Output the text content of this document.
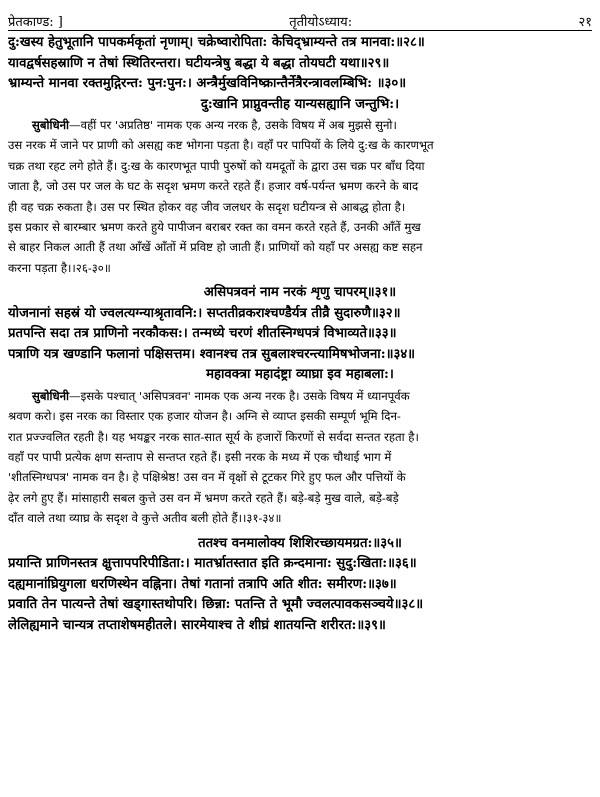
प्रेतकाण्ड: ]	तृतीयोऽध्याय:	२१
दु:खस्य हेतुभूतानि पापकर्मकृतां नृणाम्। चक्रेष्वारोपिता: केचिद्भ्राम्यन्ते तत्र मानवा:॥२८॥
यावद्वर्षसहस्राणि न तेषां स्थितिरन्तरा। घटीयन्त्रेषु बद्धा ये बद्धा तोयघटी यथा॥२९॥
भ्राम्यन्ते मानवा रक्तमुद्गिरन्त: पुन:पुन:। अन्त्रैर्मुखविनिष्क्रान्तैर्नेत्रैरन्त्रावलम्बिभि: ॥३०॥
दु:खानि प्राप्नुवन्तीह यान्यसह्यानि जन्तुभि:।

सुबोधिनी—वहीं पर 'अप्रतिष्ठ' नामक एक अन्य नरक है, उसके विषय में अब मुझसे सुनो।

उस नरक में जाने पर प्राणी को असह्य कष्ट भोगना पड़ता है। वहाँ पर पापियों के लिये दु:ख के कारणभूत

चक्र तथा रहट लगे होते हैं। दु:ख के कारणभूत पापी पुरुषों को यमदूतों के द्वारा उस चक्र पर बाँध दिया

जाता है, जो उस पर जल के घट के सदृश भ्रमण करते रहते हैं। हजार वर्ष-पर्यन्त भ्रमण करने के बाद

ही वह चक्र रुकता है। उस पर स्थित होकर वह जीव जलधर के सदृश घटीयन्त्र से आबद्ध होता है।

इस प्रकार से बारम्बार भ्रमण करते हुये पापीजन बराबर रक्त का वमन करते रहते हैं, उनकी आँतें मुख

से बाहर निकल आती हैं तथा आँखें आँतों में प्रविष्ट हो जाती हैं। प्राणियों को यहाँ पर असह्य कष्ट सहन

करना पड़ता है।।२६-३०॥

असिपत्रवनं नाम नरकं शृणु चापरम्॥३१॥
योजनानां सहस्रं यो ज्वलत्यग्न्याश्रृतावनि:। सप्ततीव्रकराश्चण्डैर्यत्र तीव्रै सुदारुणै॥३२॥
प्रतपन्ति सदा तत्र प्राणिनो नरकौकस:। तन्मध्ये चरणं शीतस्निग्धपत्रं विभाव्यते॥३३॥
पत्राणि यत्र खण्डानि फलानां पक्षिसत्तम। श्वानश्च तत्र सुबलाश्चरन्त्यामिषभोजना:॥३४॥
महावक्त्रा महादंष्ट्रा व्याघ्रा इव महाबला:।

सुबोधिनी—इसके पश्चात् 'असिपत्रवन' नामक एक अन्य नरक है। उसके विषय में ध्यानपूर्वक

श्रवण करो। इस नरक का विस्तार एक हजार योजन है। अग्नि से व्याप्त इसकी सम्पूर्ण भूमि दिन-

रात प्रज्ज्वलित रहती है। यह भयङ्कर नरक सात-सात सूर्य के हजारों किरणों से सर्वदा सन्तत रहता है।

वहाँ पर पापी प्रत्येक क्षण सन्ताप से सन्तप्त रहते हैं। इसी नरक के मध्य में एक चौथाई भाग में

'शीतस्निग्धपत्र' नामक वन है। हे पक्षिश्रेष्ठ! उस वन में वृक्षों से टूटकर गिरे हुए फल और पत्तियों के

ढ़ेर लगे हुए हैं। मांसाहारी सबल कुत्ते उस वन में भ्रमण करते रहते हैं। बड़े-बड़े मुख वाले, बड़े-बड़े

दाँत वाले तथा व्याघ्र के सदृश वे कुत्ते अतीव बली होते हैं।।३१-३४॥

ततश्च वनमालोक्य शिशिरच्छायमग्रत:॥३५॥
प्रयान्ति प्राणिनस्तत्र क्षुत्तापपरिपीडिता:। मातर्भ्रातस्तात इति क्रन्दमाना: सुदु:खिता:॥३६॥
दह्यमानांघ्रियुगला धरणिस्थेन वह्निना। तेषां गतानां तत्रापि अति शीत: समीरण:॥३७॥
प्रवाति तेन पात्यन्ते तेषां खड्गास्तथोपरि। छिन्ना: पतन्ति ते भूमौ ज्वलत्पावकसञ्चये॥३८॥
लेलिह्यमाने चान्यत्र तप्ताशेषमहीतले। सारमेयाश्च ते शीघ्रं शातयन्ति शरीरत:॥३९॥
